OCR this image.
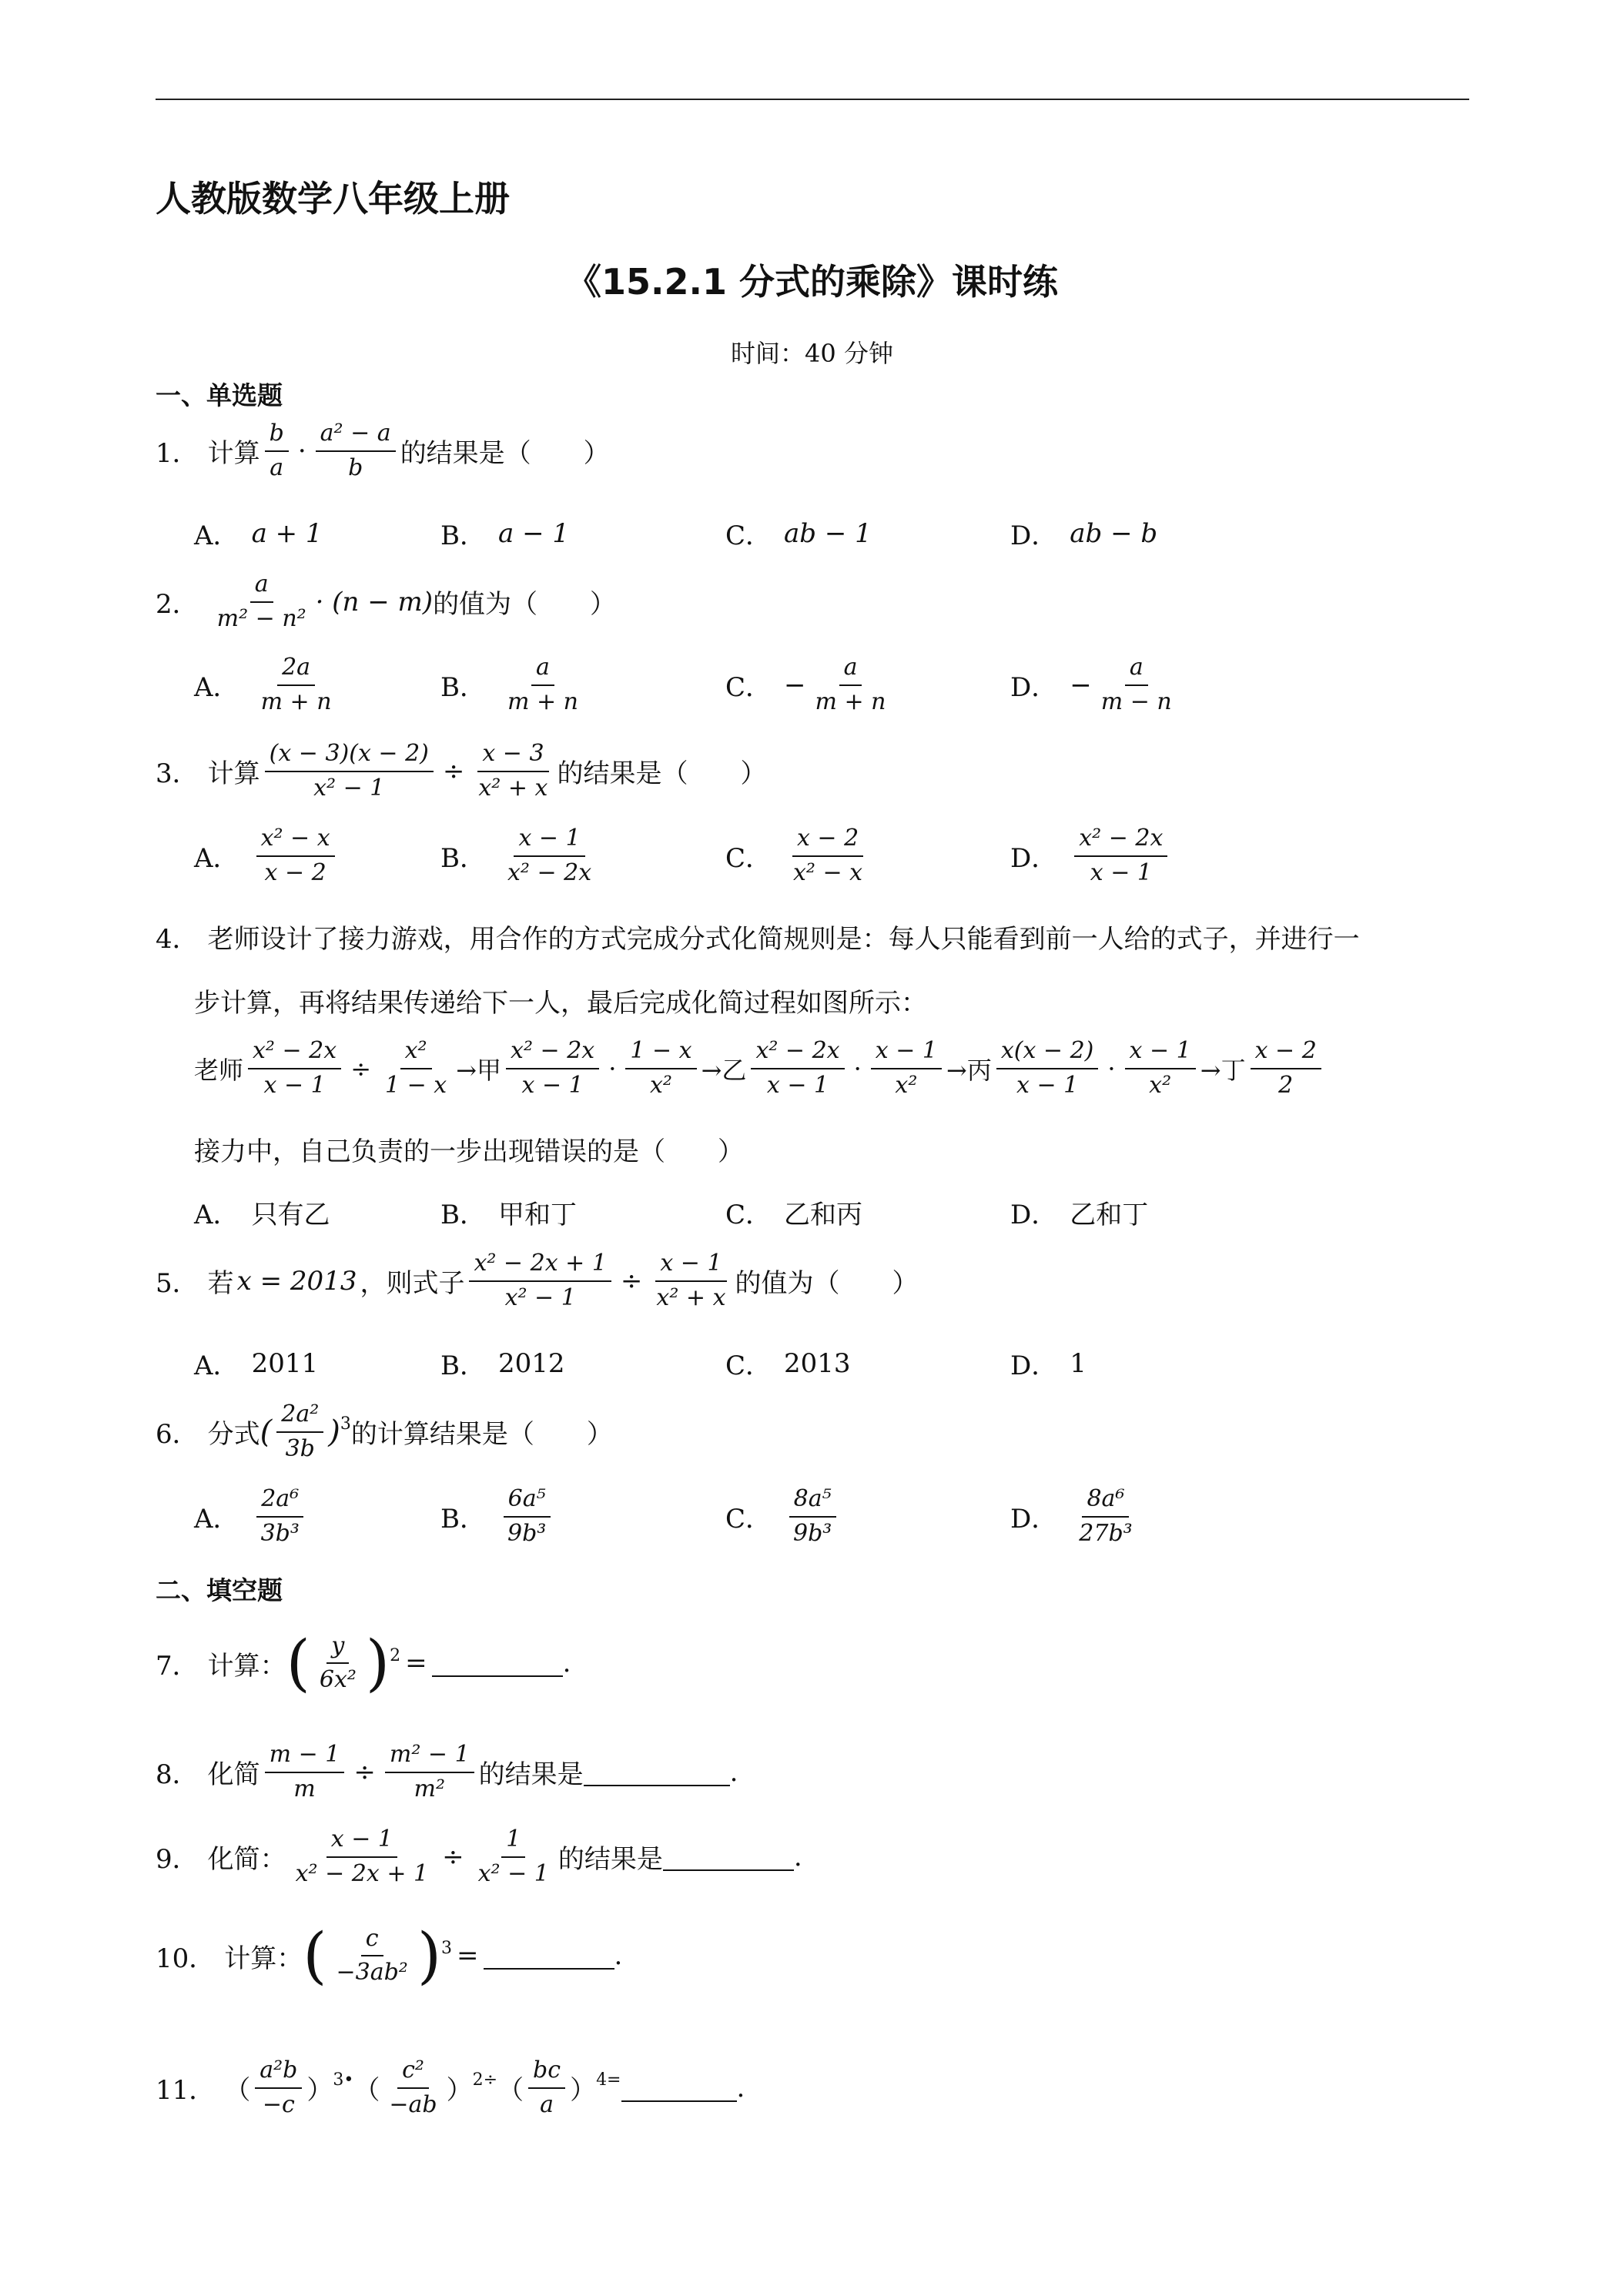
人教版数学八年级上册
《15.2.1 分式的乘除》课时练
时间：40 分钟
一、单选题
1． 计算 $\frac{b}{a} \cdot \frac{\text{a² − a}}{b}$ 的结果是（　　）
A． a + 1	B． a − 1	C． ab − 1	D． ab − b
2． $\frac{a}{\text{m² − n²}} \cdot (n - m)$ 的值为（　　）
A． $\frac{2a}{m + n}$	B． $\frac{a}{m + n}$	C． − $\frac{a}{m + n}$	D． − $\frac{a}{m - n}$
3． 计算 $\frac{(x - 3)(x - 2)}{\text{x² − 1}} \div \frac{x - 3}{\text{x² + x}}$ 的结果是（　　）
A． $\frac{\text{x² − x}}{x - 2}$	B． $\frac{x - 1}{\text{x² − 2x}}$	C． $\frac{x - 2}{\text{x² − x}}$	D． $\frac{\text{x² − 2x}}{x - 1}$
4． 老师设计了接力游戏，用合作的方式完成分式化简规则是：每人只能看到前一人给的式子，并进行一
步计算，再将结果传递给下一人，最后完成化简过程如图所示：
老师 $\frac{\text{x² − 2x}}{x - 1} \div \frac{\text{x²}}{1 - x}$ →甲 $\frac{\text{x² − 2x}}{x - 1} \cdot \frac{1 - x}{\text{x²}}$ →乙 $\frac{\text{x² − 2x}}{x - 1} \cdot \frac{x - 1}{\text{x²}}$ →丙 $\frac{x(x - 2)}{x - 1} \cdot \frac{x - 1}{\text{x²}}$ →丁 $\frac{x - 2}{2}$
接力中，自己负责的一步出现错误的是（　　）
A． 只有乙	B． 甲和丁	C． 乙和丙	D． 乙和丁
5． 若 x = 2013 ，则式子 $\frac{\text{x² − 2x + 1}}{\text{x² − 1}} \div \frac{x - 1}{\text{x² + x}}$ 的值为（　　）
A． 2011	B． 2012	C． 2013	D． 1
6． 分式 ( $\frac{\text{2a²}}{3b}$ ) 3 的计算结果是（　　）
A． $\frac{\text{2a⁶}}{\text{3b³}}$	B． $\frac{\text{6a⁵}}{\text{9b³}}$	C． $\frac{\text{8a⁵}}{\text{9b³}}$	D． $\frac{\text{8a⁶}}{\text{27b³}}$
二、填空题
7． 计算： ( $\frac{y}{\text{6x²}}$ ) 2 =	.
8． 化简 $\frac{m - 1}{m} \div \frac{\text{m² − 1}}{\text{m²}}$ 的结果是	.
9． 化简： $\frac{x - 1}{\text{x² − 2x + 1}} \div \frac{1}{\text{x² − 1}}$ 的结果是	.
10． 计算： ( $\frac{c}{\text{−3ab²}}$ ) 3 =	.
11． （ $\frac{\text{a²b}}{-c}$ ） 3• （ $\frac{\text{c²}}{-ab}$ ） 2÷ （ $\frac{bc}{a}$ ） 4=	.
